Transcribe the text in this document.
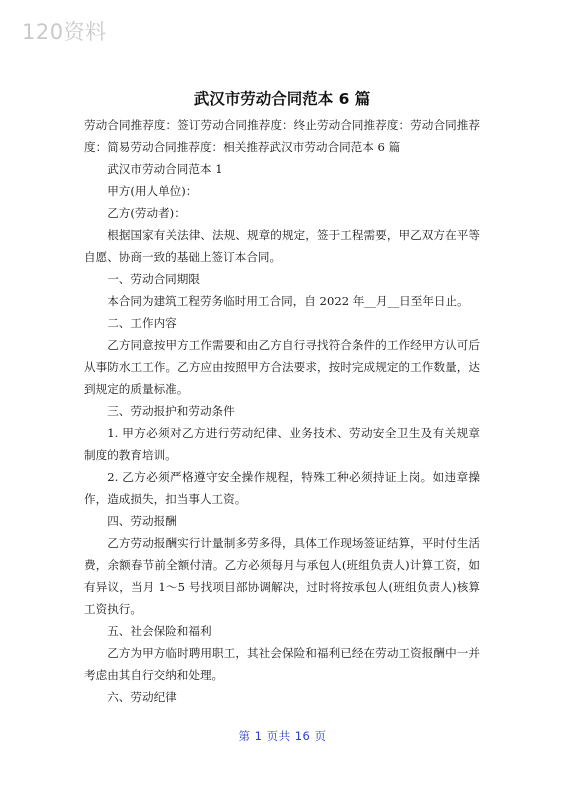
120资料
武汉市劳动合同范本 6 篇

劳动合同推荐度：签订劳动合同推荐度：终止劳动合同推荐度：劳动合同推荐度：简易劳动合同推荐度：相关推荐武汉市劳动合同范本 6 篇

武汉市劳动合同范本 1

甲方(用人单位)：

乙方(劳动者)：

根据国家有关法律、法规、规章的规定，签于工程需要，甲乙双方在平等自愿、协商一致的基础上签订本合同。

一、劳动合同期限

本合同为建筑工程劳务临时用工合同，自 2022 年__月__日至年日止。

二、工作内容

乙方同意按甲方工作需要和由乙方自行寻找符合条件的工作经甲方认可后从事防水工工作。乙方应由按照甲方合法要求，按时完成规定的工作数量，达到规定的质量标准。

三、劳动报护和劳动条件

1. 甲方必须对乙方进行劳动纪律、业务技术、劳动安全卫生及有关规章制度的教育培训。

2. 乙方必须严格遵守安全操作规程，特殊工种必须持证上岗。如违章操作，造成损失，扣当事人工资。

四、劳动报酬

乙方劳动报酬实行计量制多劳多得，具体工作现场签证结算，平时付生活费，余额春节前全额付清。乙方必须每月与承包人(班组负责人)计算工资，如有异议，当月 1～5 号找项目部协调解决，过时将按承包人(班组负责人)核算工资执行。

五、社会保险和福利

乙方为甲方临时聘用职工，其社会保险和福利已经在劳动工资报酬中一并考虑由其自行交纳和处理。

六、劳动纪律

第 1 页共 16 页
